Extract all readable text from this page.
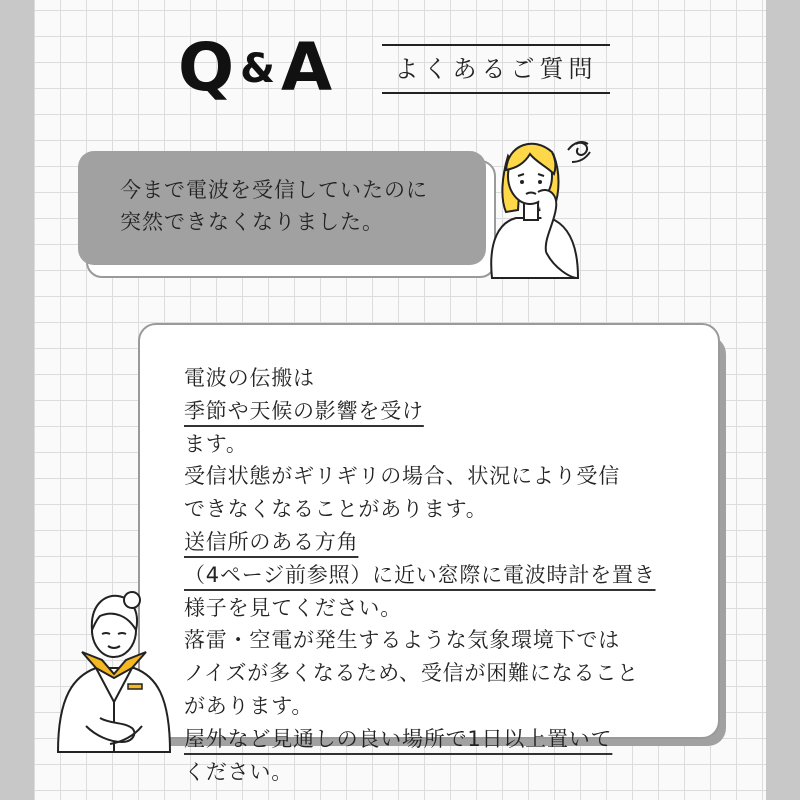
Q &A	よくあるご質問
今まで電波を受信していたのに
突然できなくなりました。
電波の伝搬は
季節や天候の影響を受け
ます。
受信状態がギリギリの場合、状況により受信
できなくなることがあります。
送信所のある方角
（4ページ前参照）に近い窓際に電波時計を置き
様子を見てください。
落雷・空電が発生するような気象環境下では
ノイズが多くなるため、受信が困難になること
があります。
屋外など見通しの良い場所で1日以上置いて
ください。
